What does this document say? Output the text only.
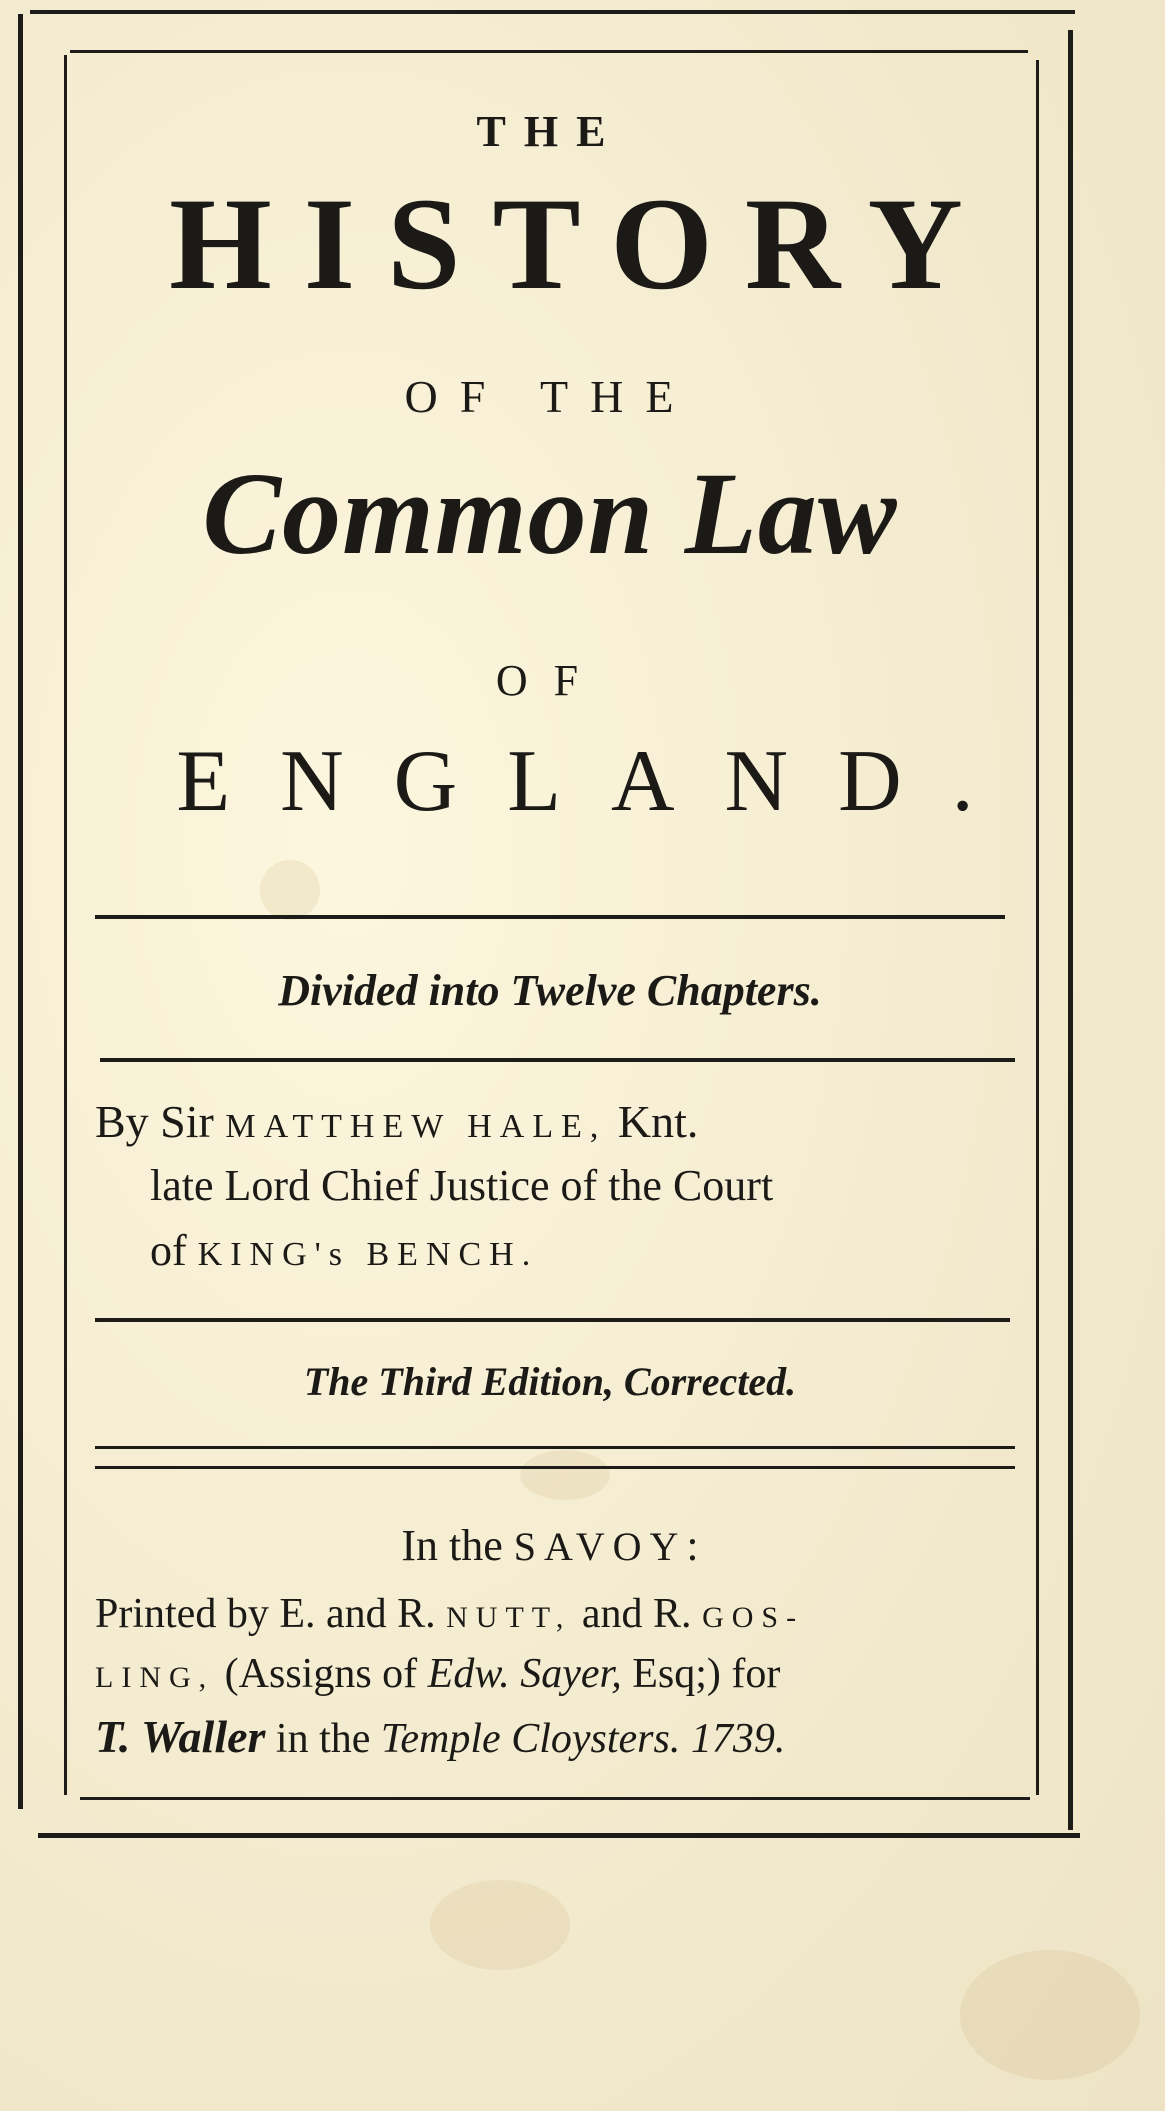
THE

HISTORY

OF THE

Common Law

OF

ENGLAND.

Divided into Twelve Chapters.

By Sir MATTHEW HALE, Knt.
late Lord Chief Justice of the Court
of KING's BENCH.

The Third Edition, Corrected.

In the SAVOY:

Printed by E. and R. NUTT, and R. GOS-
LING, (Assigns of Edw. Sayer, Esq;) for
T. Waller in the Temple Cloysters. 1739.
